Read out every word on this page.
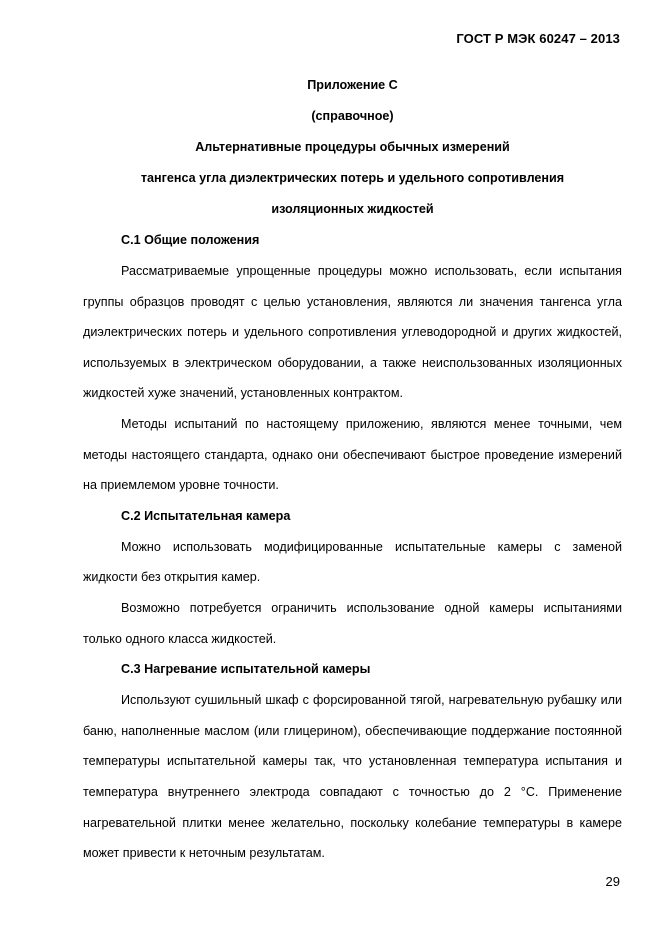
ГОСТ Р МЭК 60247 – 2013

Приложение С

(справочное)

Альтернативные процедуры обычных измерений

тангенса угла диэлектрических потерь и удельного сопротивления

изоляционных жидкостей

С.1 Общие положения

Рассматриваемые упрощенные процедуры можно использовать, если испытания группы образцов проводят с целью установления, являются ли значения тангенса угла диэлектрических потерь и удельного сопротивления углеводородной и других жидкостей, используемых в электрическом оборудовании, а также неиспользованных изоляционных жидкостей хуже значений, установленных контрактом.

Методы испытаний по настоящему приложению, являются менее точными, чем методы настоящего стандарта, однако они обеспечивают быстрое проведение измерений на приемлемом уровне точности.

С.2 Испытательная камера

Можно использовать модифицированные испытательные камеры с заменой жидкости без открытия камер.

Возможно потребуется ограничить использование одной камеры испытаниями только одного класса жидкостей.

С.3 Нагревание испытательной камеры

Используют сушильный шкаф с форсированной тягой, нагревательную рубашку или баню, наполненные маслом (или глицерином), обеспечивающие поддержание постоянной температуры испытательной камеры так, что установленная температура испытания и температура внутреннего электрода совпадают с точностью до 2 °С. Применение нагревательной плитки менее желательно, поскольку колебание температуры в камере может привести к неточным результатам.

29
